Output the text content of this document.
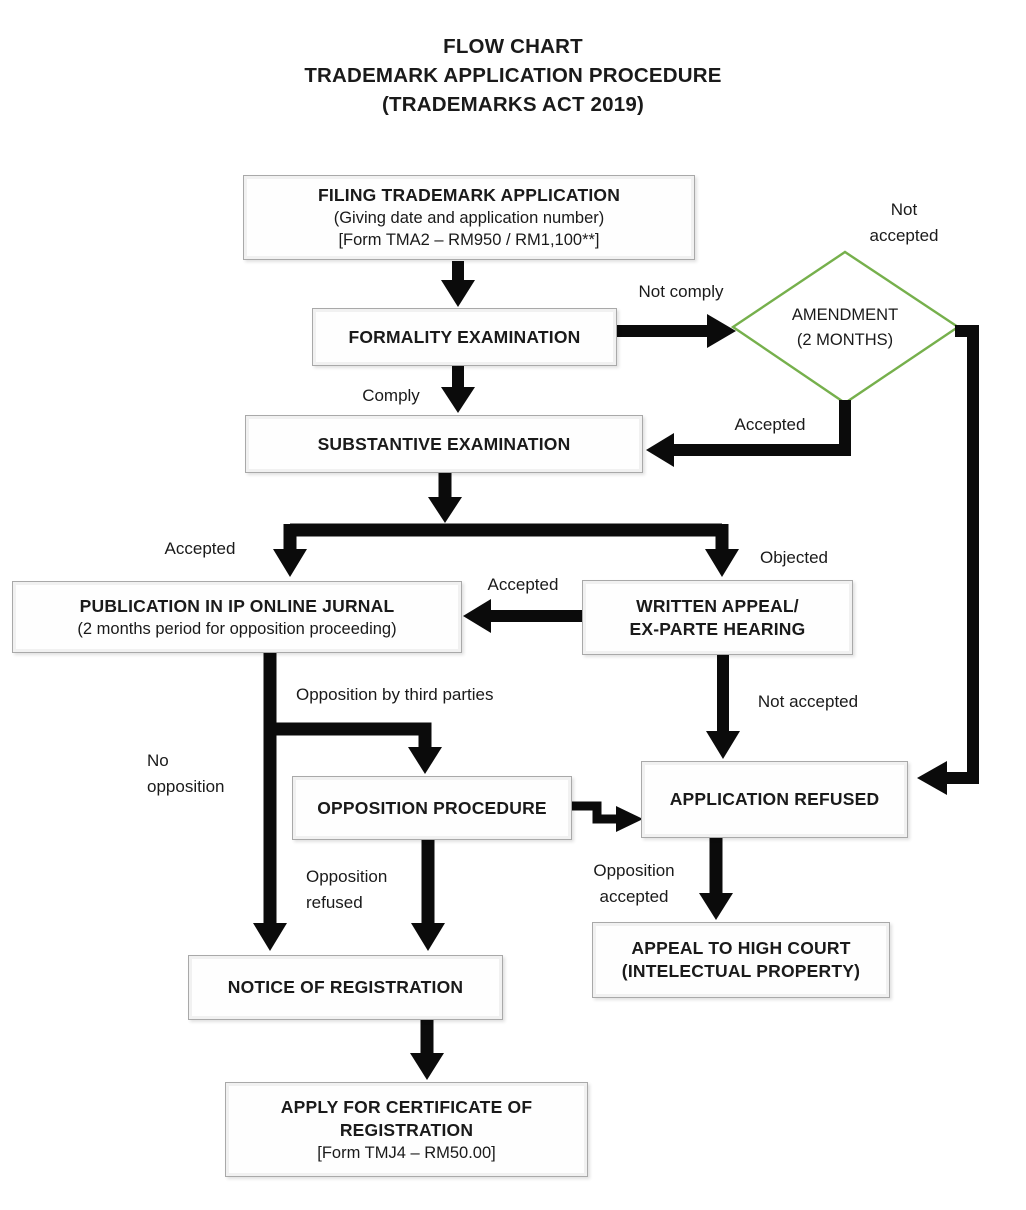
FLOW CHART
TRADEMARK APPLICATION PROCEDURE
(TRADEMARKS ACT 2019)
FILING TRADEMARK APPLICATION
(Giving date and application number)
[Form TMA2 – RM950 / RM1,100**]
FORMALITY EXAMINATION
AMENDMENT
(2 MONTHS)
SUBSTANTIVE EXAMINATION
PUBLICATION IN IP ONLINE JURNAL
(2 months period for opposition proceeding)
WRITTEN APPEAL/
EX-PARTE HEARING
OPPOSITION PROCEDURE	APPLICATION REFUSED
APPEAL TO HIGH COURT
(INTELECTUAL PROPERTY)
NOTICE OF REGISTRATION
APPLY FOR CERTIFICATE OF
REGISTRATION
[Form TMJ4 – RM50.00]
Not comply
Not
accepted
Comply
Accepted
Accepted	Objected
Accepted
Opposition by third parties
No
opposition
Not accepted
Opposition
refused
Opposition
accepted
